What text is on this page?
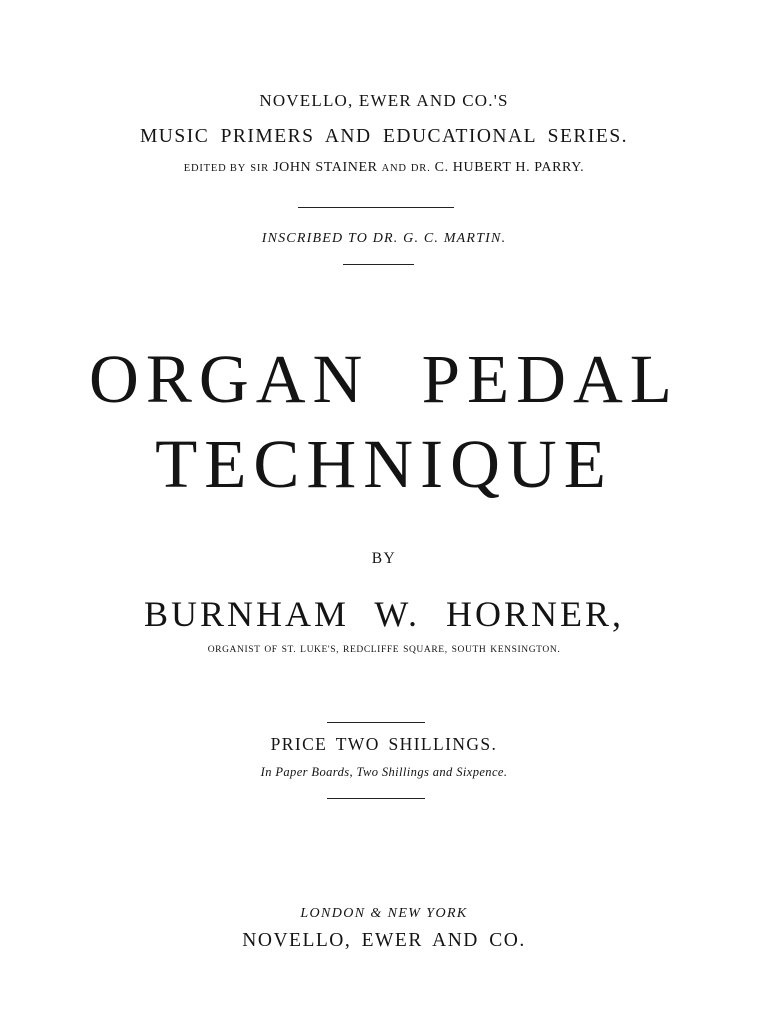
NOVELLO, EWER AND CO.'S
MUSIC PRIMERS AND EDUCATIONAL SERIES.
EDITED BY SIR JOHN STAINER AND DR. C. HUBERT H. PARRY.
INSCRIBED TO DR. G. C. MARTIN.
ORGAN PEDAL
TECHNIQUE
BY
BURNHAM W. HORNER,
ORGANIST OF ST. LUKE'S, REDCLIFFE SQUARE, SOUTH KENSINGTON.
PRICE TWO SHILLINGS.
In Paper Boards, Two Shillings and Sixpence.
LONDON & NEW YORK
NOVELLO, EWER AND CO.
